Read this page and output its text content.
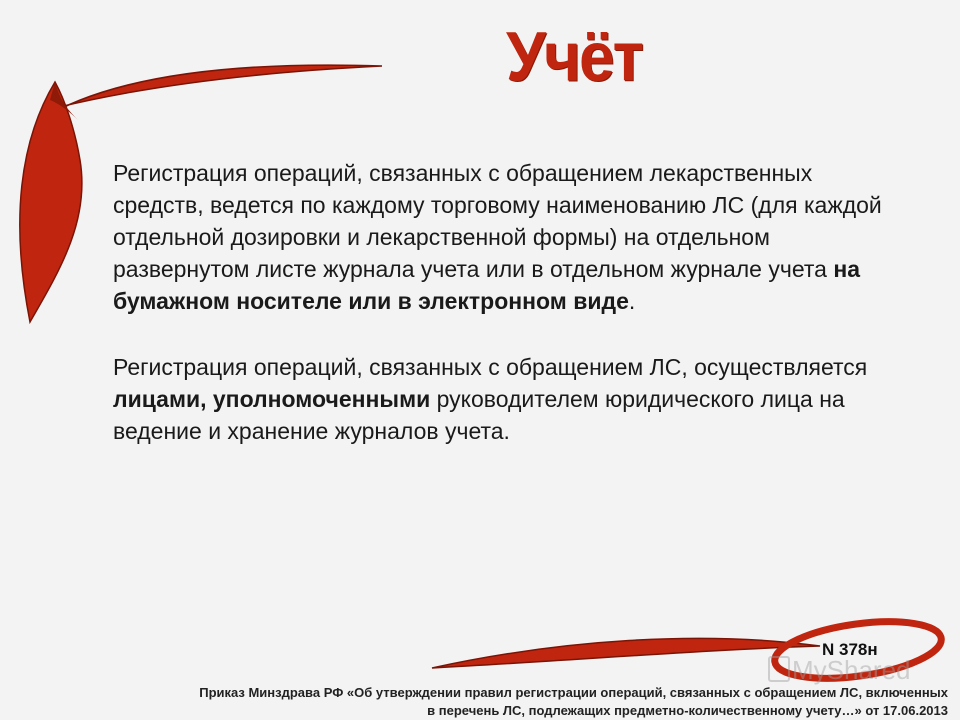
Учёт

Регистрация операций, связанных с обращением лекарственных средств, ведется по каждому торговому наименованию ЛС (для каждой отдельной дозировки и лекарственной формы) на отдельном развернутом листе журнала учета или в отдельном журнале учета на бумажном носителе или в электронном виде.

Регистрация операций, связанных с обращением ЛС, осуществляется лицами, уполномоченными руководителем юридического лица на ведение и хранение журналов учета.

MyShared
N 378н
Приказ Минздрава РФ «Об утверждении правил регистрации операций, связанных с обращением ЛС, включенных
в перечень ЛС, подлежащих предметно-количественному учету…» от 17.06.2013
